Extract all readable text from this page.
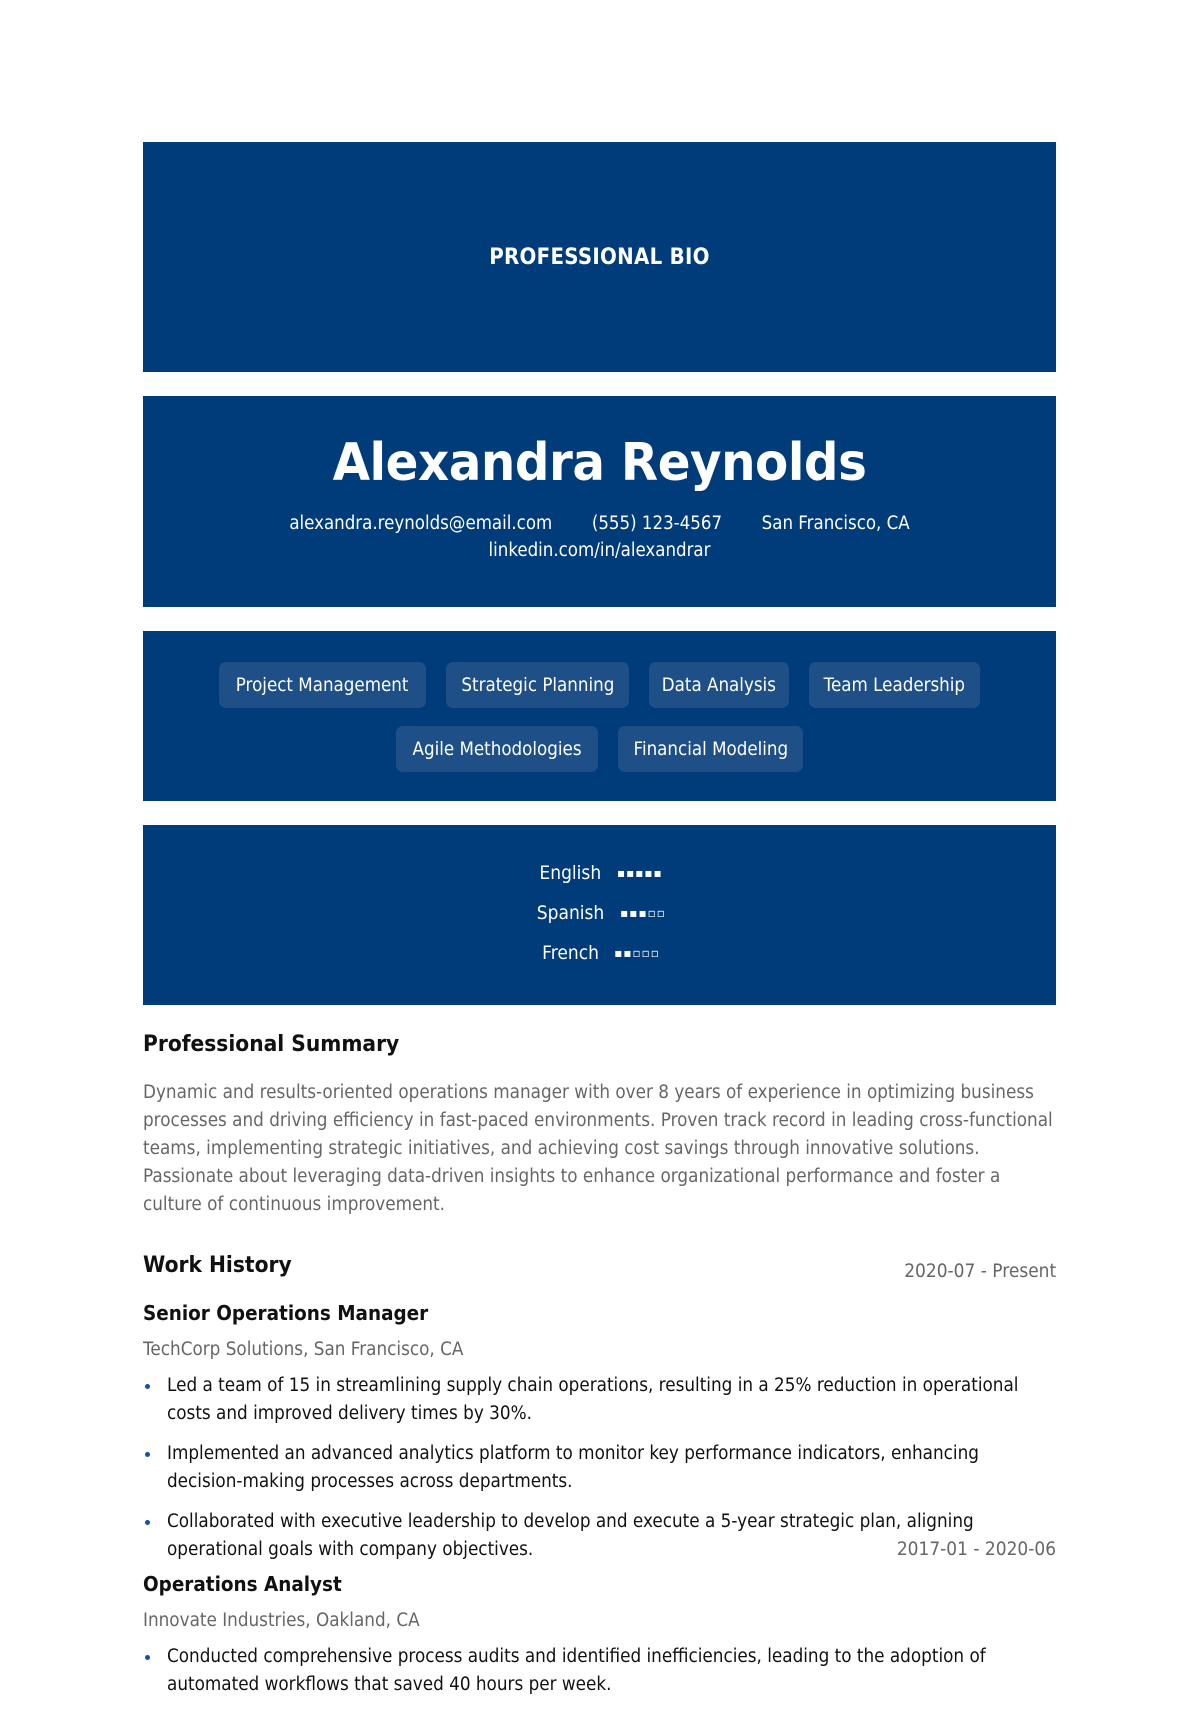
PROFESSIONAL BIO
Alexandra Reynolds
alexandra.reynolds@email.com (555) 123-4567 San Francisco, CA
linkedin.com/in/alexandrar
Project Management	Strategic Planning	Data Analysis	Team Leadership
Agile Methodologies	Financial Modeling
English ▪▪▪▪▪
Spanish ▪▪▪▫▫
French ▪▪▫▫▫
Professional Summary

Dynamic and results-oriented operations manager with over 8 years of experience in optimizing business processes and driving efficiency in fast-paced environments. Proven track record in leading cross-functional teams, implementing strategic initiatives, and achieving cost savings through innovative solutions. Passionate about leveraging data-driven insights to enhance organizational performance and foster a culture of continuous improvement.

Work History	2020-07 - Present
Senior Operations Manager
TechCorp Solutions, San Francisco, CA
Led a team of 15 in streamlining supply chain operations, resulting in a 25% reduction in operational costs and improved delivery times by 30%.
Implemented an advanced analytics platform to monitor key performance indicators, enhancing decision-making processes across departments.
Collaborated with executive leadership to develop and execute a 5-year strategic plan, aligning operational goals with company objectives.	2017-01 - 2020-06
Operations Analyst
Innovate Industries, Oakland, CA
Conducted comprehensive process audits and identified inefficiencies, leading to the adoption of automated workflows that saved 40 hours per week.
